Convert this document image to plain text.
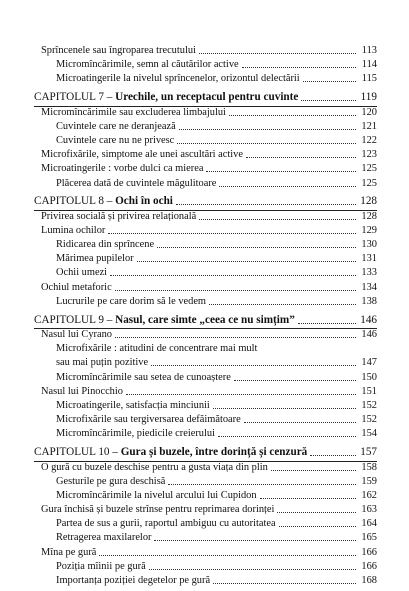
Sprîncenele sau îngroparea trecutului	113
Micromîncărimile, semn al căutărilor active	114
Microatingerile la nivelul sprîncenelor, orizontul delectării	115
CAPITOLUL 7 – Urechile, un receptacul pentru cuvinte	119
Micromîncărimile sau excluderea limbajului	120
Cuvintele care ne deranjează	121
Cuvintele care nu ne privesc	122
Microfixările, simptome ale unei ascultări active	123
Microatingerile : vorbe dulci ca mierea	125
Plăcerea dată de cuvintele măgulitoare	125
CAPITOLUL 8 – Ochi în ochi	128
Privirea socială și privirea relațională	128
Lumina ochilor	129
Ridicarea din sprîncene	130
Mărimea pupilelor	131
Ochii umezi	133
Ochiul metaforic	134
Lucrurile pe care dorim să le vedem	138
CAPITOLUL 9 – Nasul, care simte „ceea ce nu simțim”	146
Nasul lui Cyrano	146
Microfixările : atitudini de concentrare mai mult
sau mai puțin pozitive	147
Micromîncărimile sau setea de cunoaștere	150
Nasul lui Pinocchio	151
Microatingerile, satisfacția minciunii	152
Microfixările sau tergiversarea defăimătoare	152
Micromîncărimile, piedicile creierului	154
CAPITOLUL 10 – Gura și buzele, între dorință și cenzură	157
O gură cu buzele deschise pentru a gusta viața din plin	158
Gesturile pe gura deschisă	159
Micromîncărimile la nivelul arcului lui Cupidon	162
Gura închisă și buzele strînse pentru reprimarea dorinței	163
Partea de sus a gurii, raportul ambiguu cu autoritatea	164
Retragerea maxilarelor	165
Mîna pe gură	166
Poziția mîinii pe gură	166
Importanța poziției degetelor pe gură	168
